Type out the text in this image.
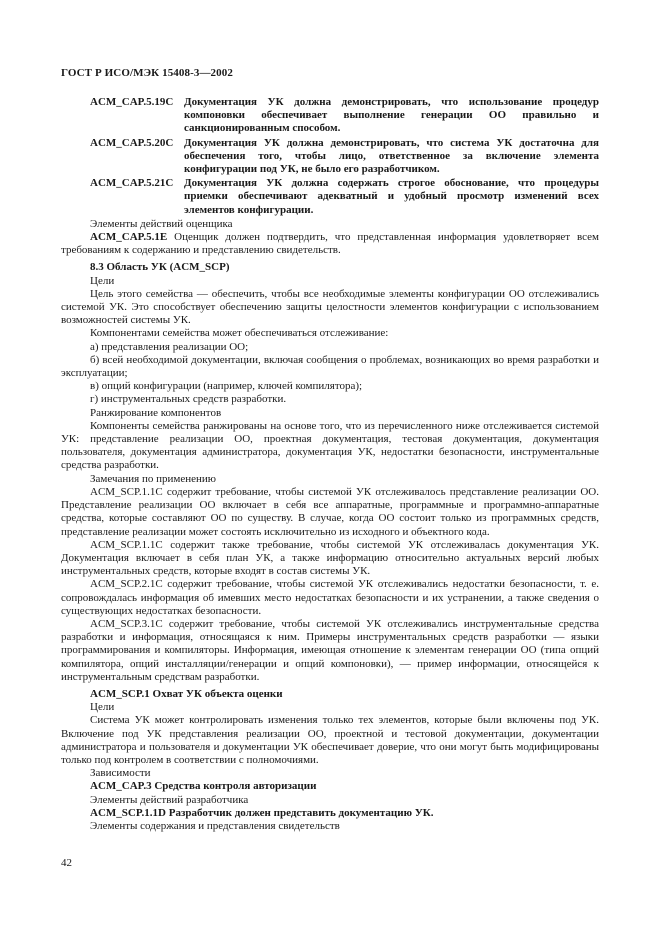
ГОСТ Р ИСО/МЭК 15408-3—2002
ACM_CAP.5.19C Документация УК должна демонстрировать, что использование процедур компоновки обеспечивает выполнение генерации ОО правильно и санкционированным способом.
ACM_CAP.5.20C Документация УК должна демонстрировать, что система УК достаточна для обеспечения того, чтобы лицо, ответственное за включение элемента конфигурации под УК, не было его разработчиком.
ACM_CAP.5.21C Документация УК должна содержать строгое обоснование, что процедуры приемки обеспечивают адекватный и удобный просмотр изменений всех элементов конфигурации.

Элементы действий оценщика

ACM_CAP.5.1E Оценщик должен подтвердить, что представленная информация удовлетворяет всем требованиям к содержанию и представлению свидетельств.

8.3 Область УК (ACM_SCP)

Цели

Цель этого семейства — обеспечить, чтобы все необходимые элементы конфигурации ОО отслеживались системой УК. Это способствует обеспечению защиты целостности элементов конфигурации с использованием возможностей системы УК.

Компонентами семейства может обеспечиваться отслеживание:

а) представления реализации ОО;

б) всей необходимой документации, включая сообщения о проблемах, возникающих во время разработки и эксплуатации;

в) опций конфигурации (например, ключей компилятора);

г) инструментальных средств разработки.

Ранжирование компонентов

Компоненты семейства ранжированы на основе того, что из перечисленного ниже отслеживается системой УК: представление реализации ОО, проектная документация, тестовая документация, документация пользователя, документация администратора, документация УК, недостатки безопасности, инструментальные средства разработки.

Замечания по применению

ACM_SCP.1.1C содержит требование, чтобы системой УК отслеживалось представление реализации ОО. Представление реализации ОО включает в себя все аппаратные, программные и программно-аппаратные средства, которые составляют ОО по существу. В случае, когда ОО состоит только из программных средств, представление реализации может состоять исключительно из исходного и объектного кода.

ACM_SCP.1.1C содержит также требование, чтобы системой УК отслеживалась документация УК. Документация включает в себя план УК, а также информацию относительно актуальных версий любых инструментальных средств, которые входят в состав системы УК.

ACM_SCP.2.1C содержит требование, чтобы системой УК отслеживались недостатки безопасности, т. е. сопровождалась информация об имевших место недостатках безопасности и их устранении, а также сведения о существующих недостатках безопасности.

ACM_SCP.3.1C содержит требование, чтобы системой УК отслеживались инструментальные средства разработки и информация, относящаяся к ним. Примеры инструментальных средств разработки — языки программирования и компиляторы. Информация, имеющая отношение к элементам генерации ОО (типа опций компилятора, опций инсталляции/генерации и опций компоновки), — пример информации, относящейся к инструментальным средствам разработки.

ACM_SCP.1 Охват УК объекта оценки

Цели

Система УК может контролировать изменения только тех элементов, которые были включены под УК. Включение под УК представления реализации ОО, проектной и тестовой документации, документации администратора и пользователя и документации УК обеспечивает доверие, что они могут быть модифицированы только под контролем в соответствии с полномочиями.

Зависимости

ACM_CAP.3 Средства контроля авторизации

Элементы действий разработчика

ACM_SCP.1.1D Разработчик должен представить документацию УК.

Элементы содержания и представления свидетельств

42
